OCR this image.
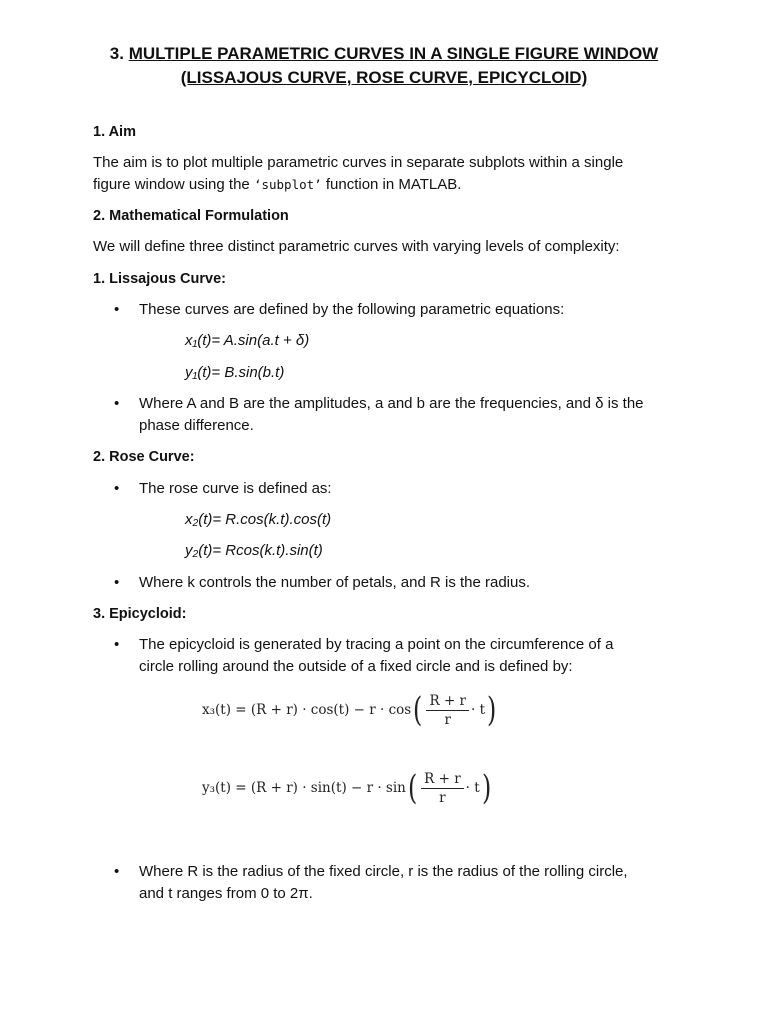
3. MULTIPLE PARAMETRIC CURVES IN A SINGLE FIGURE WINDOW
(LISSAJOUS CURVE, ROSE CURVE, EPICYCLOID)
1. Aim
The aim is to plot multiple parametric curves in separate subplots within a single
figure window using the ‘subplot’ function in MATLAB.
2. Mathematical Formulation
We will define three distinct parametric curves with varying levels of complexity:
1. Lissajous Curve:
• These curves are defined by the following parametric equations:
x₁(t)= A.sin(a.t + δ)
y₁(t)= B.sin(b.t)
• Where A and B are the amplitudes, a and b are the frequencies, and δ is the
phase difference.
2. Rose Curve:
• The rose curve is defined as:
x₂(t)= R.cos(k.t).cos(t)
y₂(t)= Rcos(k.t).sin(t)
• Where k controls the number of petals, and R is the radius.
3. Epicycloid:
• The epicycloid is generated by tracing a point on the circumference of a
circle rolling around the outside of a fixed circle and is defined by:
x₃(t) = (R + r) · cos(t) − r · cos ( $\frac{R + r}{r} \cdot t$ )
y₃(t) = (R + r) · sin(t) − r · sin ( $\frac{R + r}{r} \cdot t$ )
• Where R is the radius of the fixed circle, r is the radius of the rolling circle,
and t ranges from 0 to 2π.
